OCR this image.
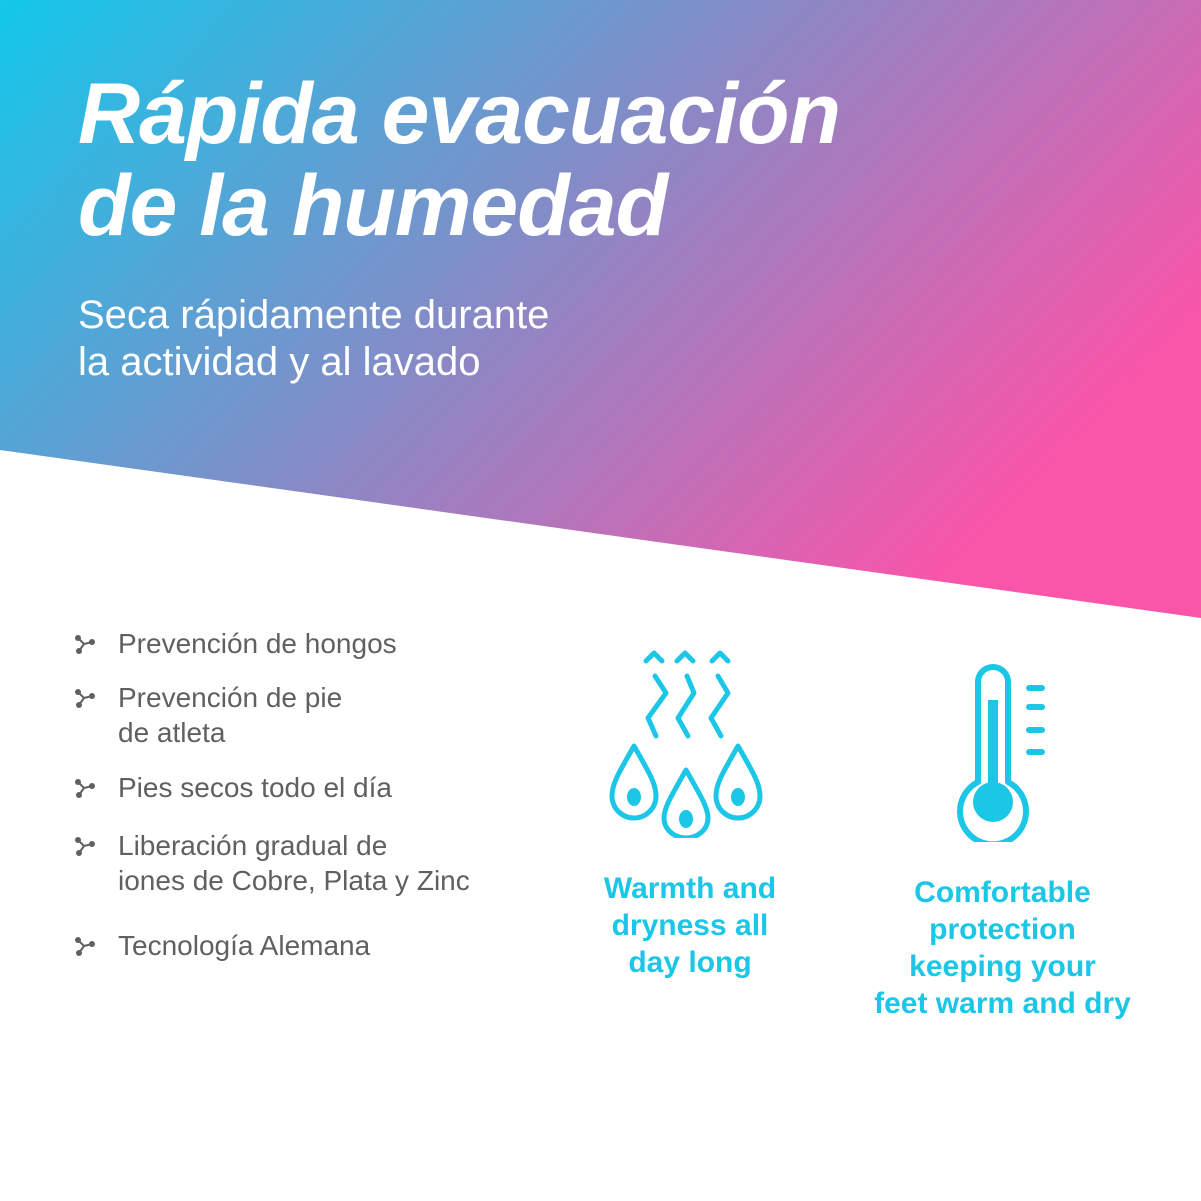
Rápida evacuación
de la humedad

Seca rápidamente durante
la actividad y al lavado

Prevención de hongos
Prevención de pie
de atleta
Pies secos todo el día
Liberación gradual de
iones de Cobre, Plata y Zinc
Tecnología Alemana

Warmth and
dryness all
day long

Comfortable
protection
keeping your
feet warm and dry
